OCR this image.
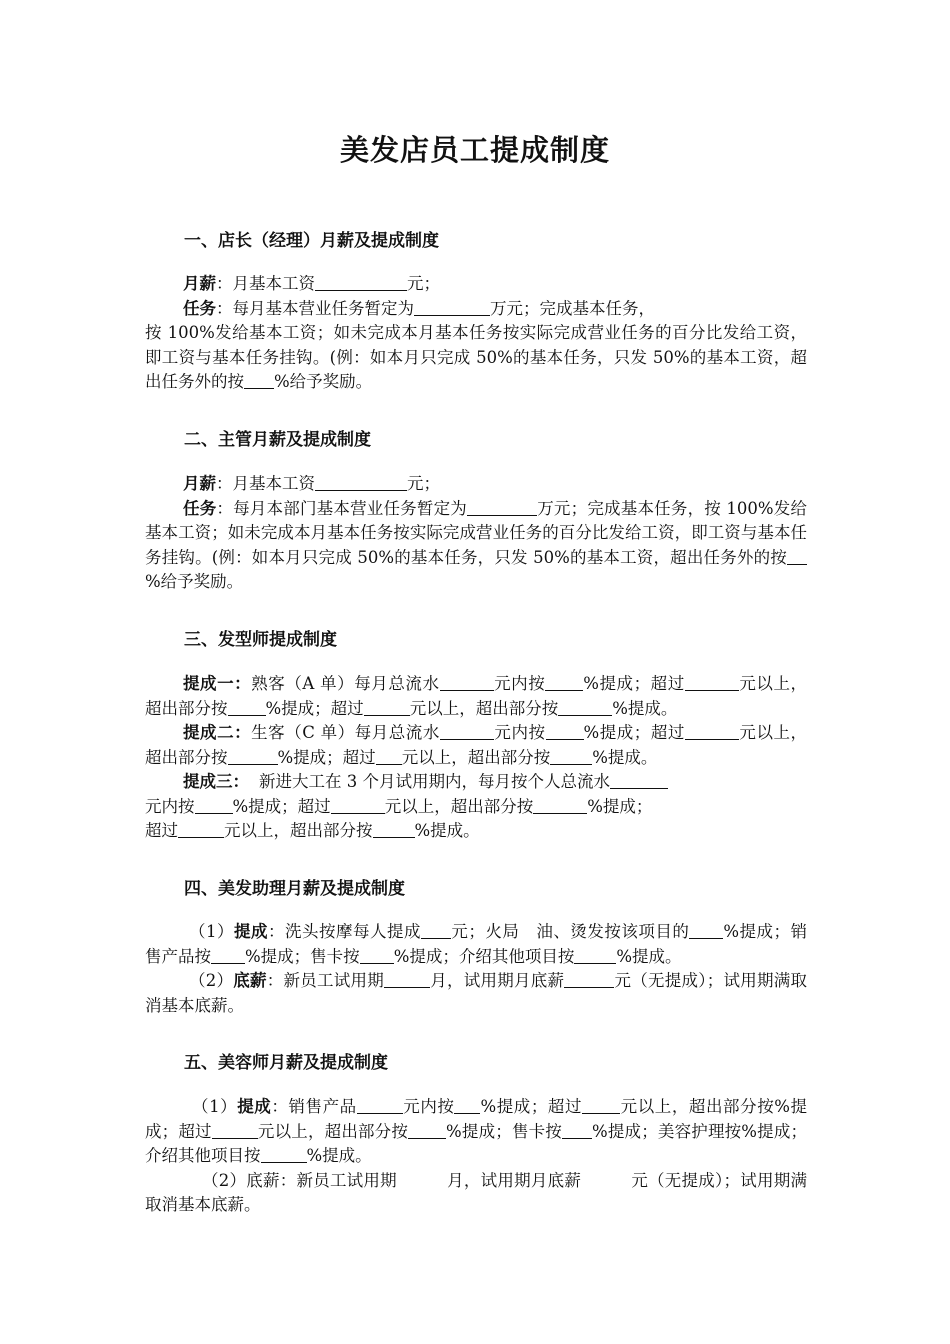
美发店员工提成制度
一、店长（经理）月薪及提成制度

月薪：月基本工资	元；

任务：每月基本营业任务暂定为	万元；完成基本任务，

按 100%发给基本工资；如未完成本月基本任务按实际完成营业任务的百分比发给工资，即工资与基本任务挂钩。(例：如本月只完成 50%的基本任务，只发 50%的基本工资，超出任务外的按 %给予奖励。

二、主管月薪及提成制度

月薪：月基本工资	元；

任务：每月本部门基本营业任务暂定为	万元；完成基本任务，按 100%发给基本工资；如未完成本月基本任务按实际完成营业任务的百分比发给工资，即工资与基本任务挂钩。(例：如本月只完成 50%的基本任务，只发 50%的基本工资，超出任务外的按%给予奖励。

三、发型师提成制度

提成一：熟客（A 单）每月总流水	元内按 %提成；超过	元以上，超出部分按 %提成；超过	元以上，超出部分按	%提成。

提成二：生客（C 单）每月总流水	元内按 %提成；超过	元以上，超出部分按	%提成；超过 元以上，超出部分按	%提成。

提成三： 新进大工在 3 个月试用期内，每月按个人总流水
元内按 %提成；超过	元以上，超出部分按	%提成；
超过	元以上，超出部分按	%提成。

四、美发助理月薪及提成制度

（1）提成：洗头按摩每人提成 元；火局　油、烫发按该项目的 %提成；销售产品按 %提成；售卡按 %提成；介绍其他项目按	%提成。

（2）底薪：新员工试用期	月，试用期月底薪	元（无提成）；试用期满取消基本底薪。

五、美容师月薪及提成制度

（1）提成：销售产品	元内按 %提成；超过 元以上，超出部分按%提成；超过	元以上，超出部分按 %提成；售卡按 %提成；美容护理按%提成；介绍其他项目按	%提成。

（2）底薪：新员工试用期　　　月，试用期月底薪　　　元（无提成）；试用期满取消基本底薪。
